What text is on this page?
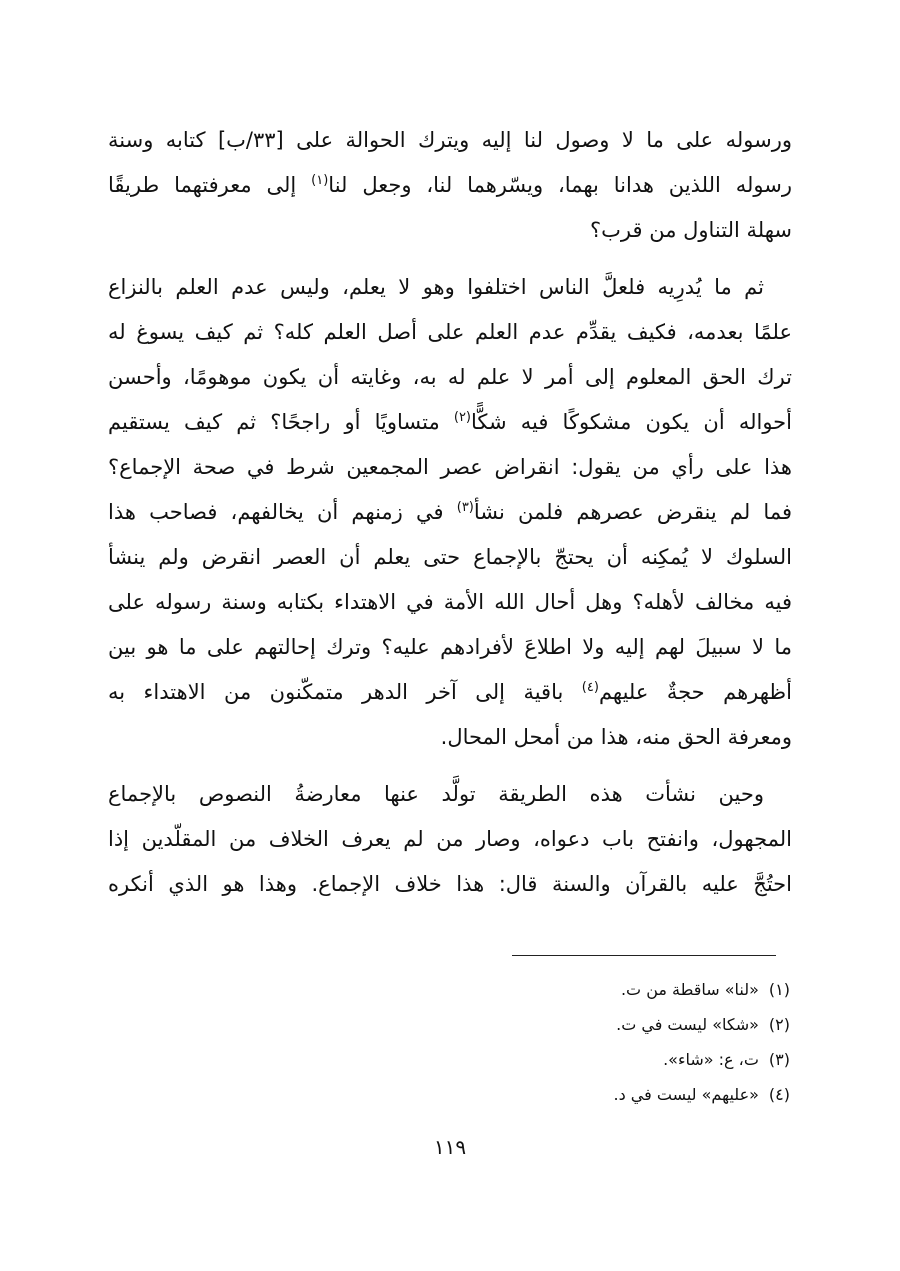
ورسوله على ما لا وصول لنا إليه ويترك الحوالة على [٣٣/ب] كتابه وسنة
رسوله اللذين هدانا بهما، ويسّرهما لنا، وجعل لنا$^{(١)}$ إلى معرفتهما طريقًا
سهلة التناول من قرب؟
ثم ما يُدرِيه فلعلَّ الناس اختلفوا وهو لا يعلم، وليس عدم العلم بالنزاع
علمًا بعدمه، فكيف يقدِّم عدم العلم على أصل العلم كله؟ ثم كيف يسوغ له
ترك الحق المعلوم إلى أمر لا علم له به، وغايته أن يكون موهومًا، وأحسن
أحواله أن يكون مشكوكًا فيه شكًّا$^{(٢)}$ متساويًا أو راجحًا؟ ثم كيف يستقيم
هذا على رأي من يقول: انقراض عصر المجمعين شرط في صحة الإجماع؟
فما لم ينقرض عصرهم فلمن نشأ$^{(٣)}$ في زمنهم أن يخالفهم، فصاحب هذا
السلوك لا يُمكِنه أن يحتجّ بالإجماع حتى يعلم أن العصر انقرض ولم ينشأ
فيه مخالف لأهله؟ وهل أحال الله الأمة في الاهتداء بكتابه وسنة رسوله على
ما لا سبيلَ لهم إليه ولا اطلاعَ لأفرادهم عليه؟ وترك إحالتهم على ما هو بين
أظهرهم حجةٌ عليهم$^{(٤)}$ باقية إلى آخر الدهر متمكّنون من الاهتداء به
ومعرفة الحق منه، هذا من أمحل المحال.
وحين نشأت هذه الطريقة تولَّد عنها معارضةُ النصوص بالإجماع
المجهول، وانفتح باب دعواه، وصار من لم يعرف الخلاف من المقلّدين إذا
احتُجَّ عليه بالقرآن والسنة قال: هذا خلاف الإجماع. وهذا هو الذي أنكره
(١)«لنا» ساقطة من ت.
(٢)«شكا» ليست في ت.
(٣)ت، ع: «شاء».
(٤)«عليهم» ليست في د.
١١٩
